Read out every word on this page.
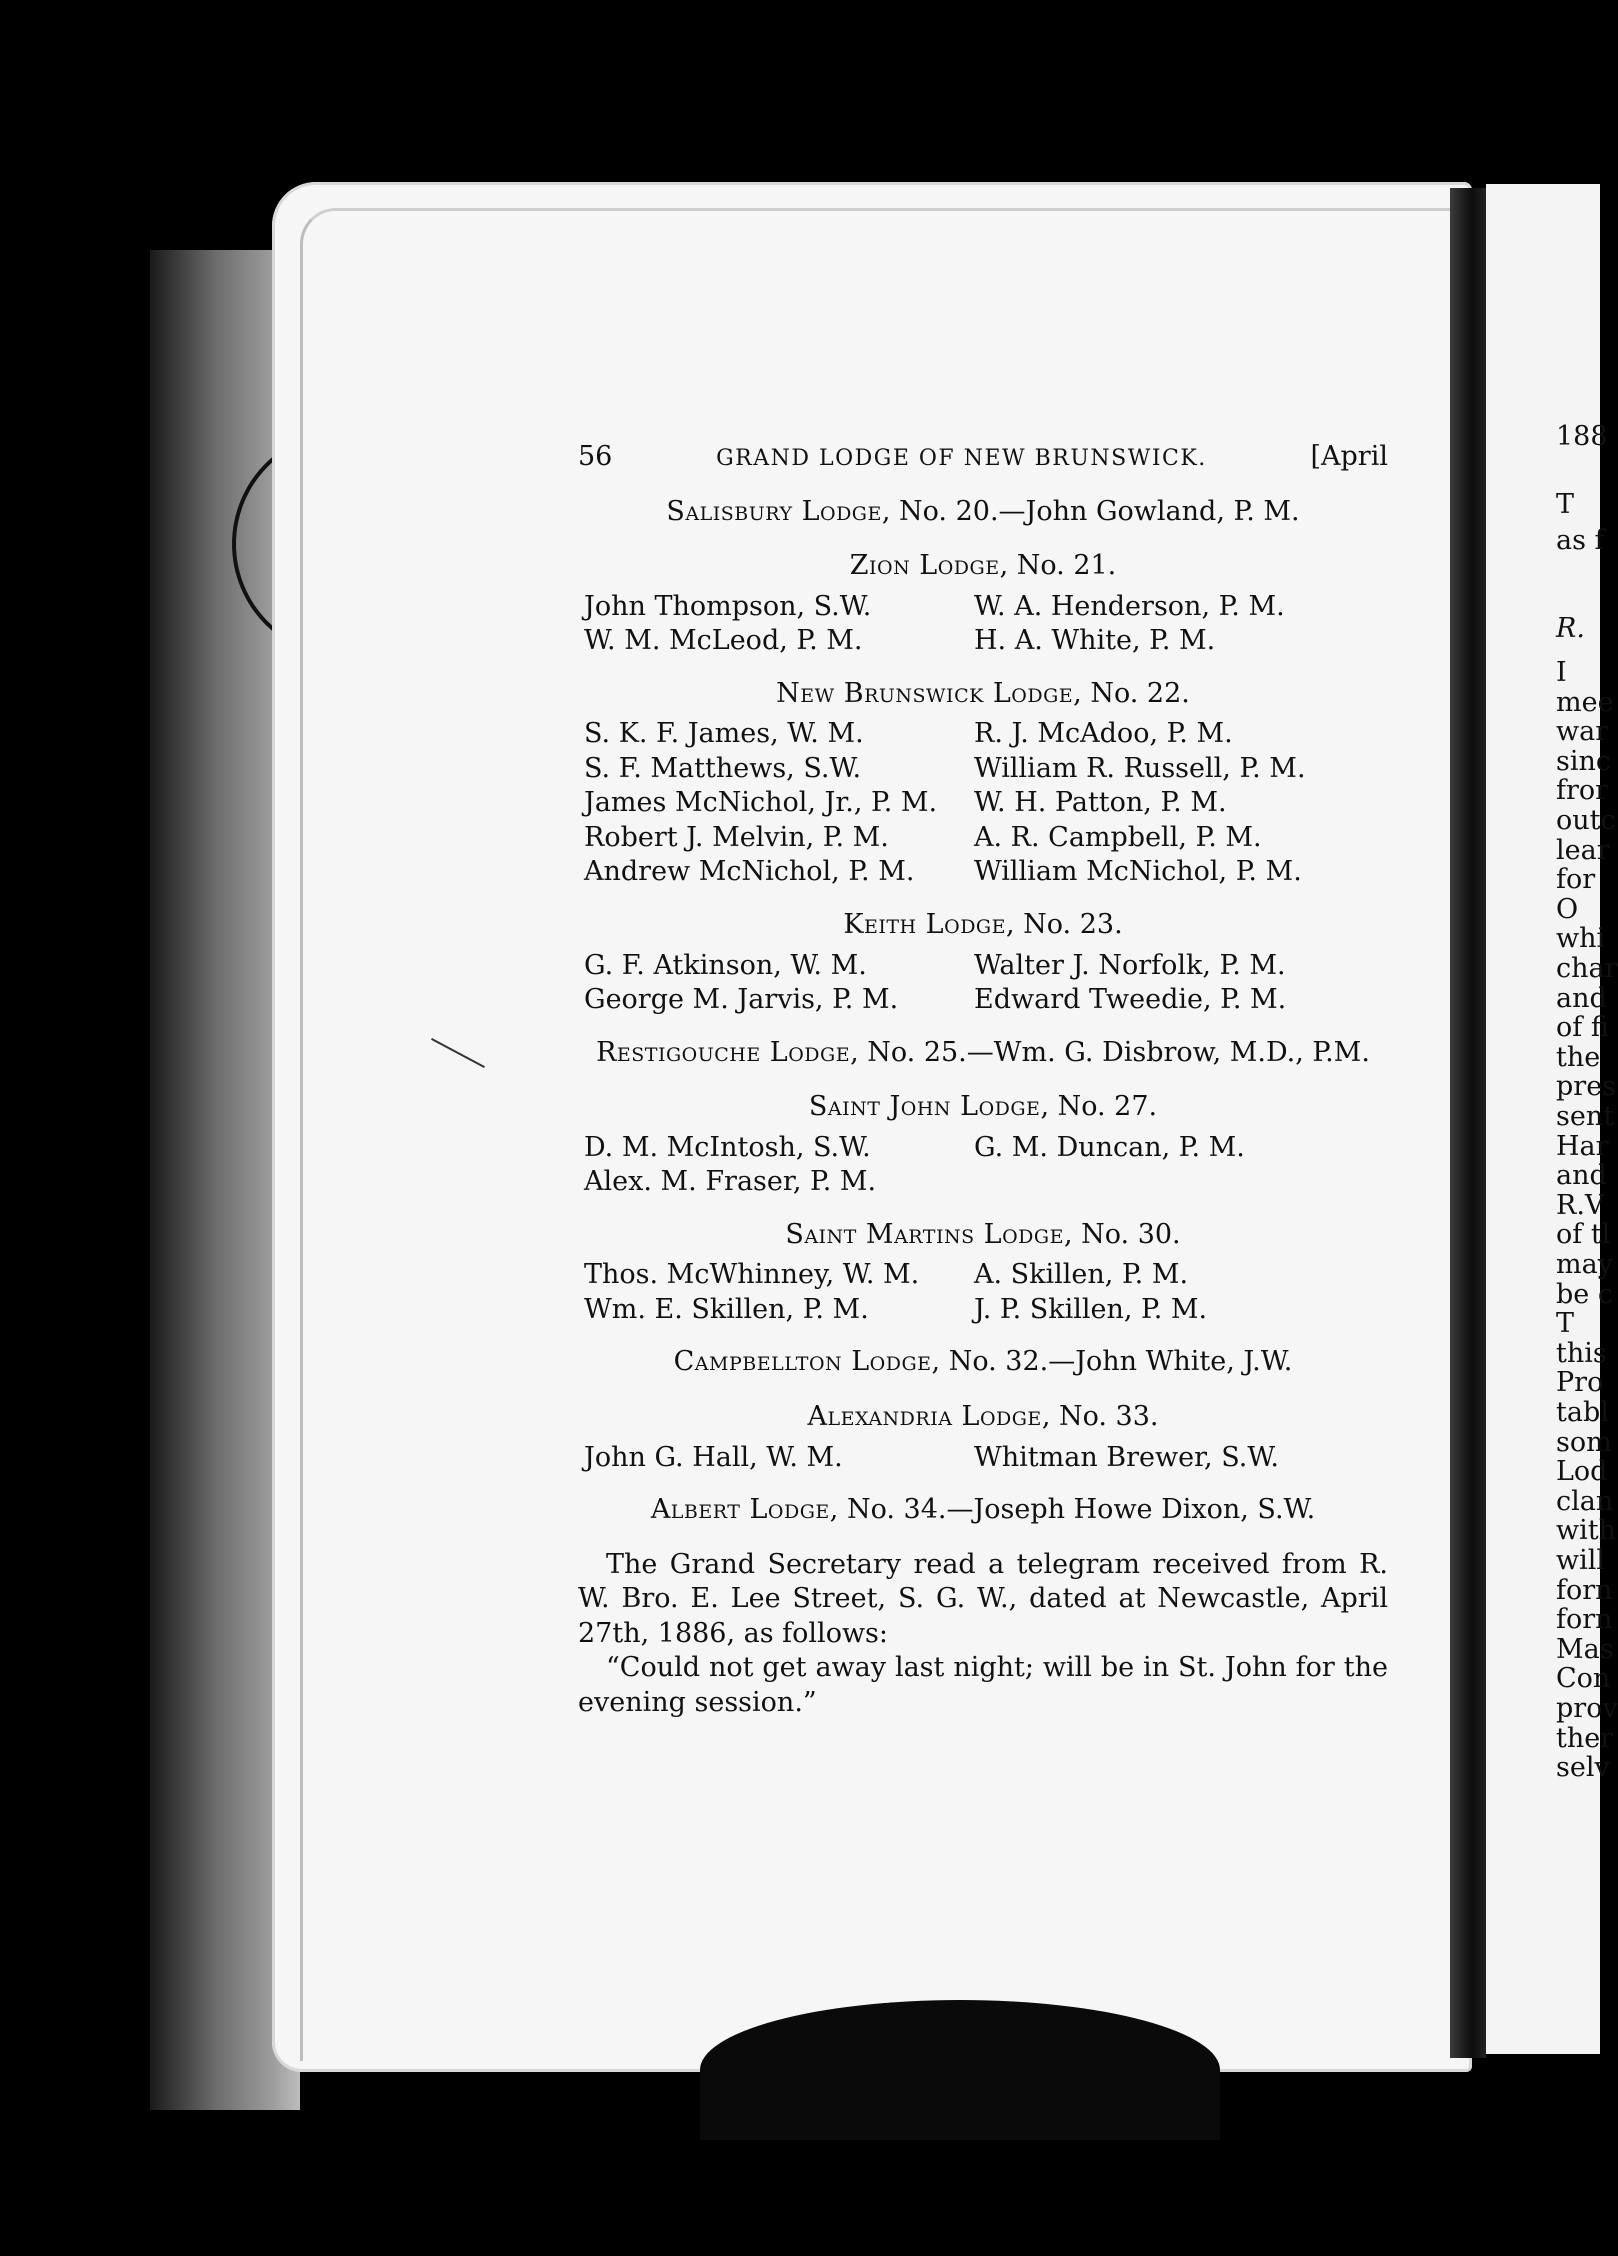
56	GRAND LODGE OF NEW BRUNSWICK.	[April
Salisbury Lodge, No. 20.—John Gowland, P. M.
Zion Lodge, No. 21.
John Thompson, S.W.	W. A. Henderson, P. M.
W. M. McLeod, P. M.	H. A. White, P. M.
New Brunswick Lodge, No. 22.
S. K. F. James, W. M.	R. J. McAdoo, P. M.
S. F. Matthews, S.W.	William R. Russell, P. M.
James McNichol, Jr., P. M.	W. H. Patton, P. M.
Robert J. Melvin, P. M.	A. R. Campbell, P. M.
Andrew McNichol, P. M.	William McNichol, P. M.
Keith Lodge, No. 23.
G. F. Atkinson, W. M.	Walter J. Norfolk, P. M.
George M. Jarvis, P. M.	Edward Tweedie, P. M.
Restigouche Lodge, No. 25.—Wm. G. Disbrow, M.D., P.M.
Saint John Lodge, No. 27.
D. M. McIntosh, S.W.	G. M. Duncan, P. M.
Alex. M. Fraser, P. M.
Saint Martins Lodge, No. 30.
Thos. McWhinney, W. M.	A. Skillen, P. M.
Wm. E. Skillen, P. M.	J. P. Skillen, P. M.
Campbellton Lodge, No. 32.—John White, J.W.
Alexandria Lodge, No. 33.
John G. Hall, W. M.	Whitman Brewer, S.W.
Albert Lodge, No. 34.—Joseph Howe Dixon, S.W.

The Grand Secretary read a telegram received from R. W. Bro. E. Lee Street, S. G. W., dated at Newcastle, April 27th, 1886, as follows:

“Could not get away last night; will be in St. John for the evening session.”

188
T
as f
R.
I
mee
war
sinc
fror
outc
lear
for
O
whi
char
and
of fi
the
pres
sent
Har
and
R.V
of tl
may
be c
T
this
Pro
tabl
som
Lod
clan
with
will
forn
forn
Mas
Con
prov
ther
selv
